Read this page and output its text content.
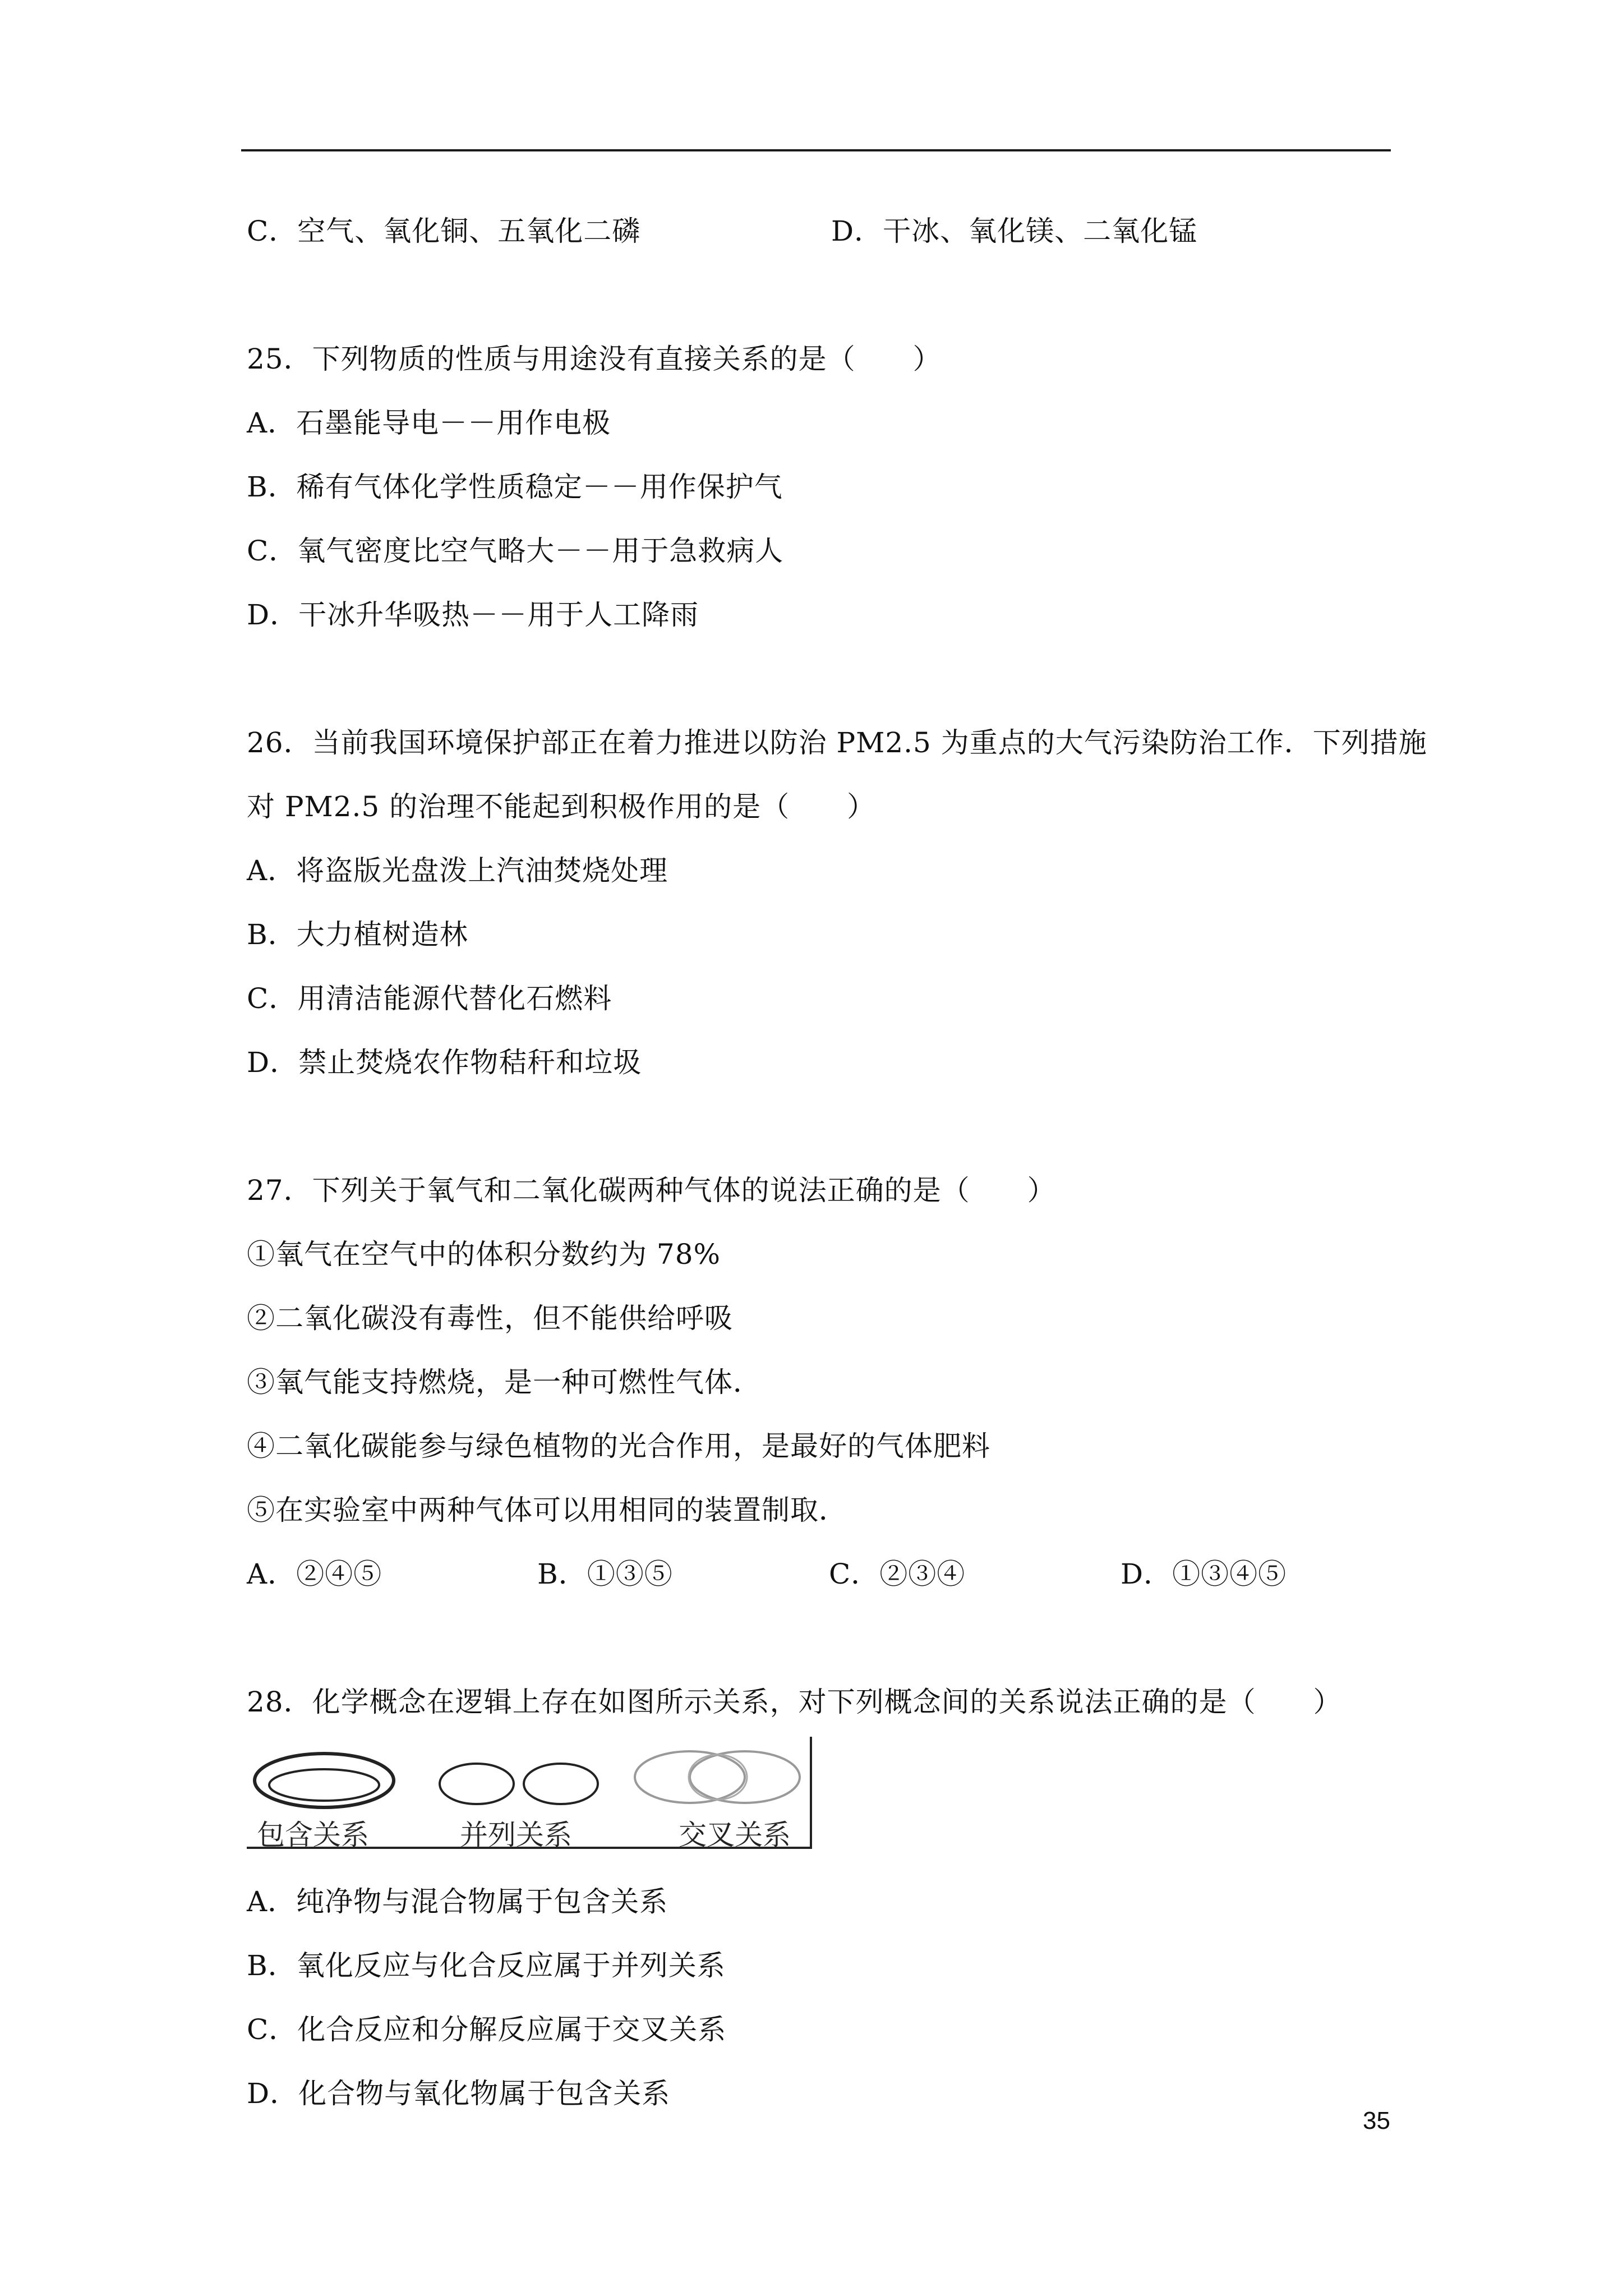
C．空气、氧化铜、五氧化二磷	D．干冰、氧化镁、二氧化锰
25．下列物质的性质与用途没有直接关系的是（　　）
A．石墨能导电－－用作电极
B．稀有气体化学性质稳定－－用作保护气
C．氧气密度比空气略大－－用于急救病人
D．干冰升华吸热－－用于人工降雨
26．当前我国环境保护部正在着力推进以防治 PM2.5 为重点的大气污染防治工作．下列措施
对 PM2.5 的治理不能起到积极作用的是（　　）
A．将盗版光盘泼上汽油焚烧处理
B．大力植树造林
C．用清洁能源代替化石燃料
D．禁止焚烧农作物秸秆和垃圾
27．下列关于氧气和二氧化碳两种气体的说法正确的是（　　）
①氧气在空气中的体积分数约为 78%
②二氧化碳没有毒性，但不能供给呼吸
③氧气能支持燃烧，是一种可燃性气体．
④二氧化碳能参与绿色植物的光合作用，是最好的气体肥料
⑤在实验室中两种气体可以用相同的装置制取．
A．②④⑤	B．①③⑤	C．②③④	D．①③④⑤
28．化学概念在逻辑上存在如图所示关系，对下列概念间的关系说法正确的是（　　）
包含关系	并列关系	交叉关系
A．纯净物与混合物属于包含关系
B．氧化反应与化合反应属于并列关系
C．化合反应和分解反应属于交叉关系
D．化合物与氧化物属于包含关系
35
